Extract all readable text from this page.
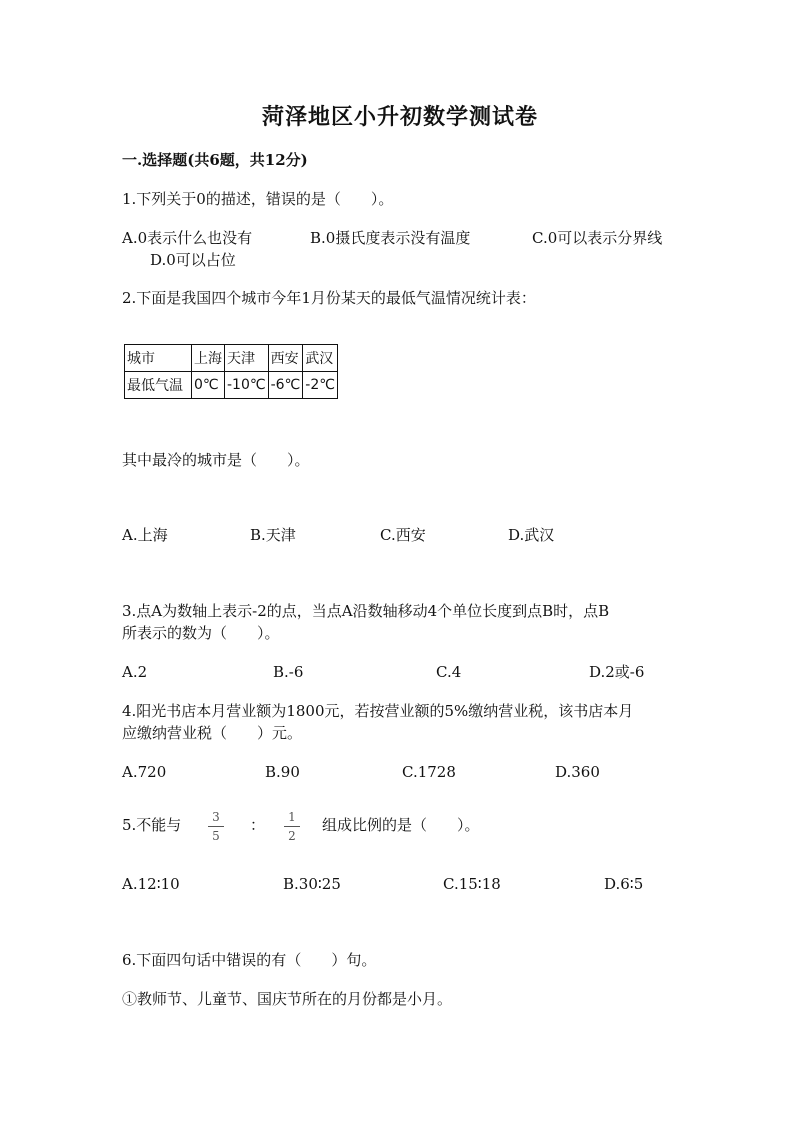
菏泽地区小升初数学测试卷
一.选择题(共6题，共12分)
1.下列关于0的描述，错误的是（　　）。
A.0表示什么也没有	B.0摄氏度表示没有温度	C.0可以表示分界线
D.0可以占位
2.下面是我国四个城市今年1月份某天的最低气温情况统计表：
城市	上海	天津	西安	武汉
最低气温	0℃	-10℃	-6℃	-2℃
其中最冷的城市是（　　）。
A.上海	B.天津	C.西安	D.武汉
3.点A为数轴上表示-2的点，当点A沿数轴移动4个单位长度到点B时，点B
所表示的数为（　　）。
A.2	B.-6	C.4	D.2或-6
4.阳光书店本月营业额为1800元，若按营业额的5%缴纳营业税，该书店本月
应缴纳营业税（　　）元。
A.720	B.90	C.1728	D.360
5.不能与	3
5
：	1
2
组成比例的是（　　）。
A.12∶10	B.30∶25	C.15∶18	D.6∶5
6.下面四句话中错误的有（　　）句。
①教师节、儿童节、国庆节所在的月份都是小月。
